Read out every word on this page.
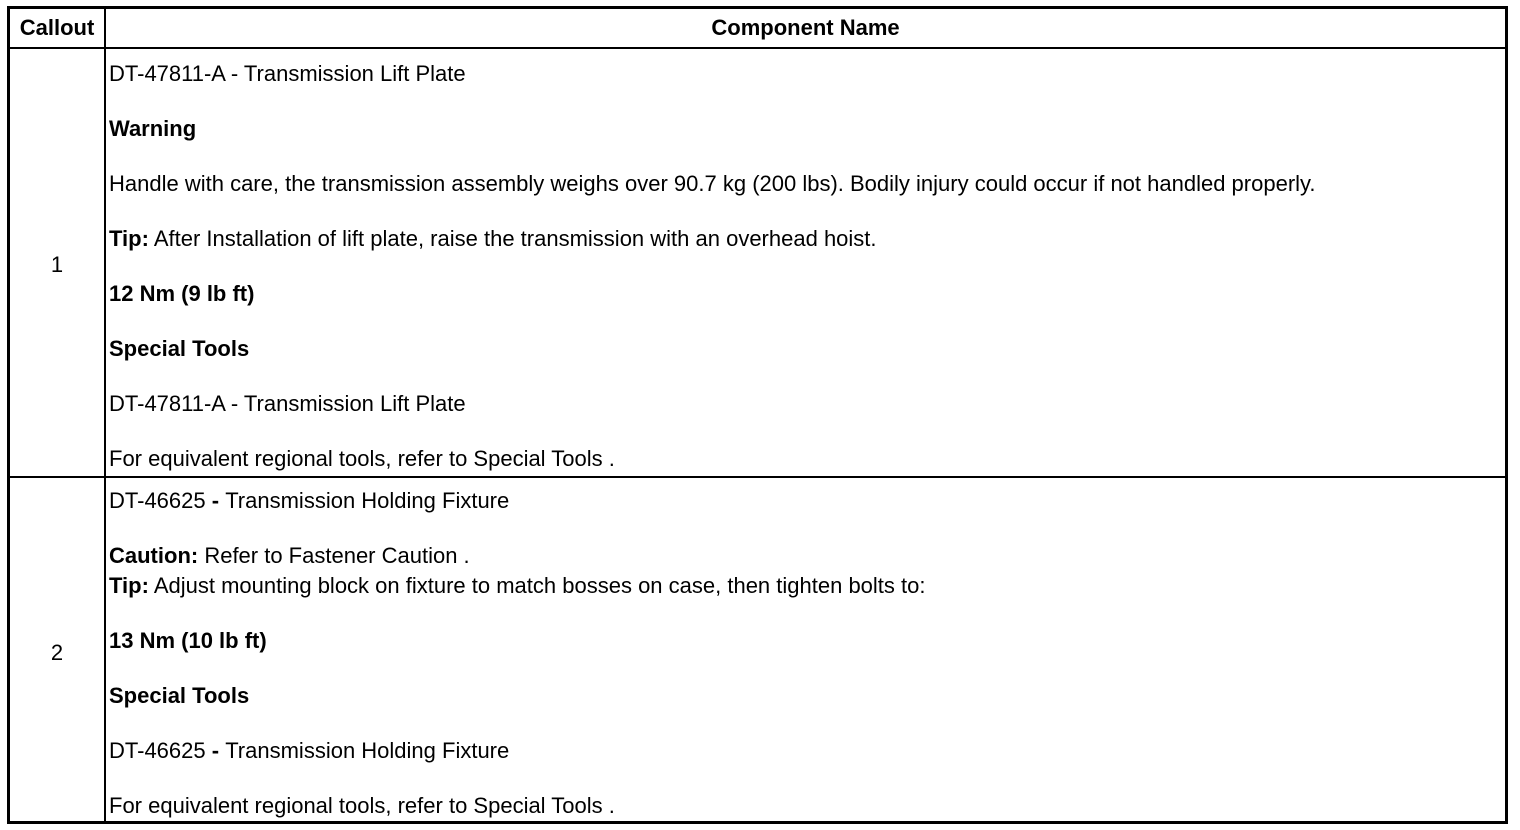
Callout	Component Name
1
DT-47811-A - Transmission Lift Plate
Warning
Handle with care, the transmission assembly weighs over 90.7 kg (200 lbs). Bodily injury could occur if not handled properly.
Tip: After Installation of lift plate, raise the transmission with an overhead hoist.
12 Nm (9 lb ft)
Special Tools
DT-47811-A - Transmission Lift Plate
For equivalent regional tools, refer to Special Tools .
2
DT-46625 - Transmission Holding Fixture
Caution: Refer to Fastener Caution .
Tip: Adjust mounting block on fixture to match bosses on case, then tighten bolts to:
13 Nm (10 lb ft)
Special Tools
DT-46625 - Transmission Holding Fixture
For equivalent regional tools, refer to Special Tools .
